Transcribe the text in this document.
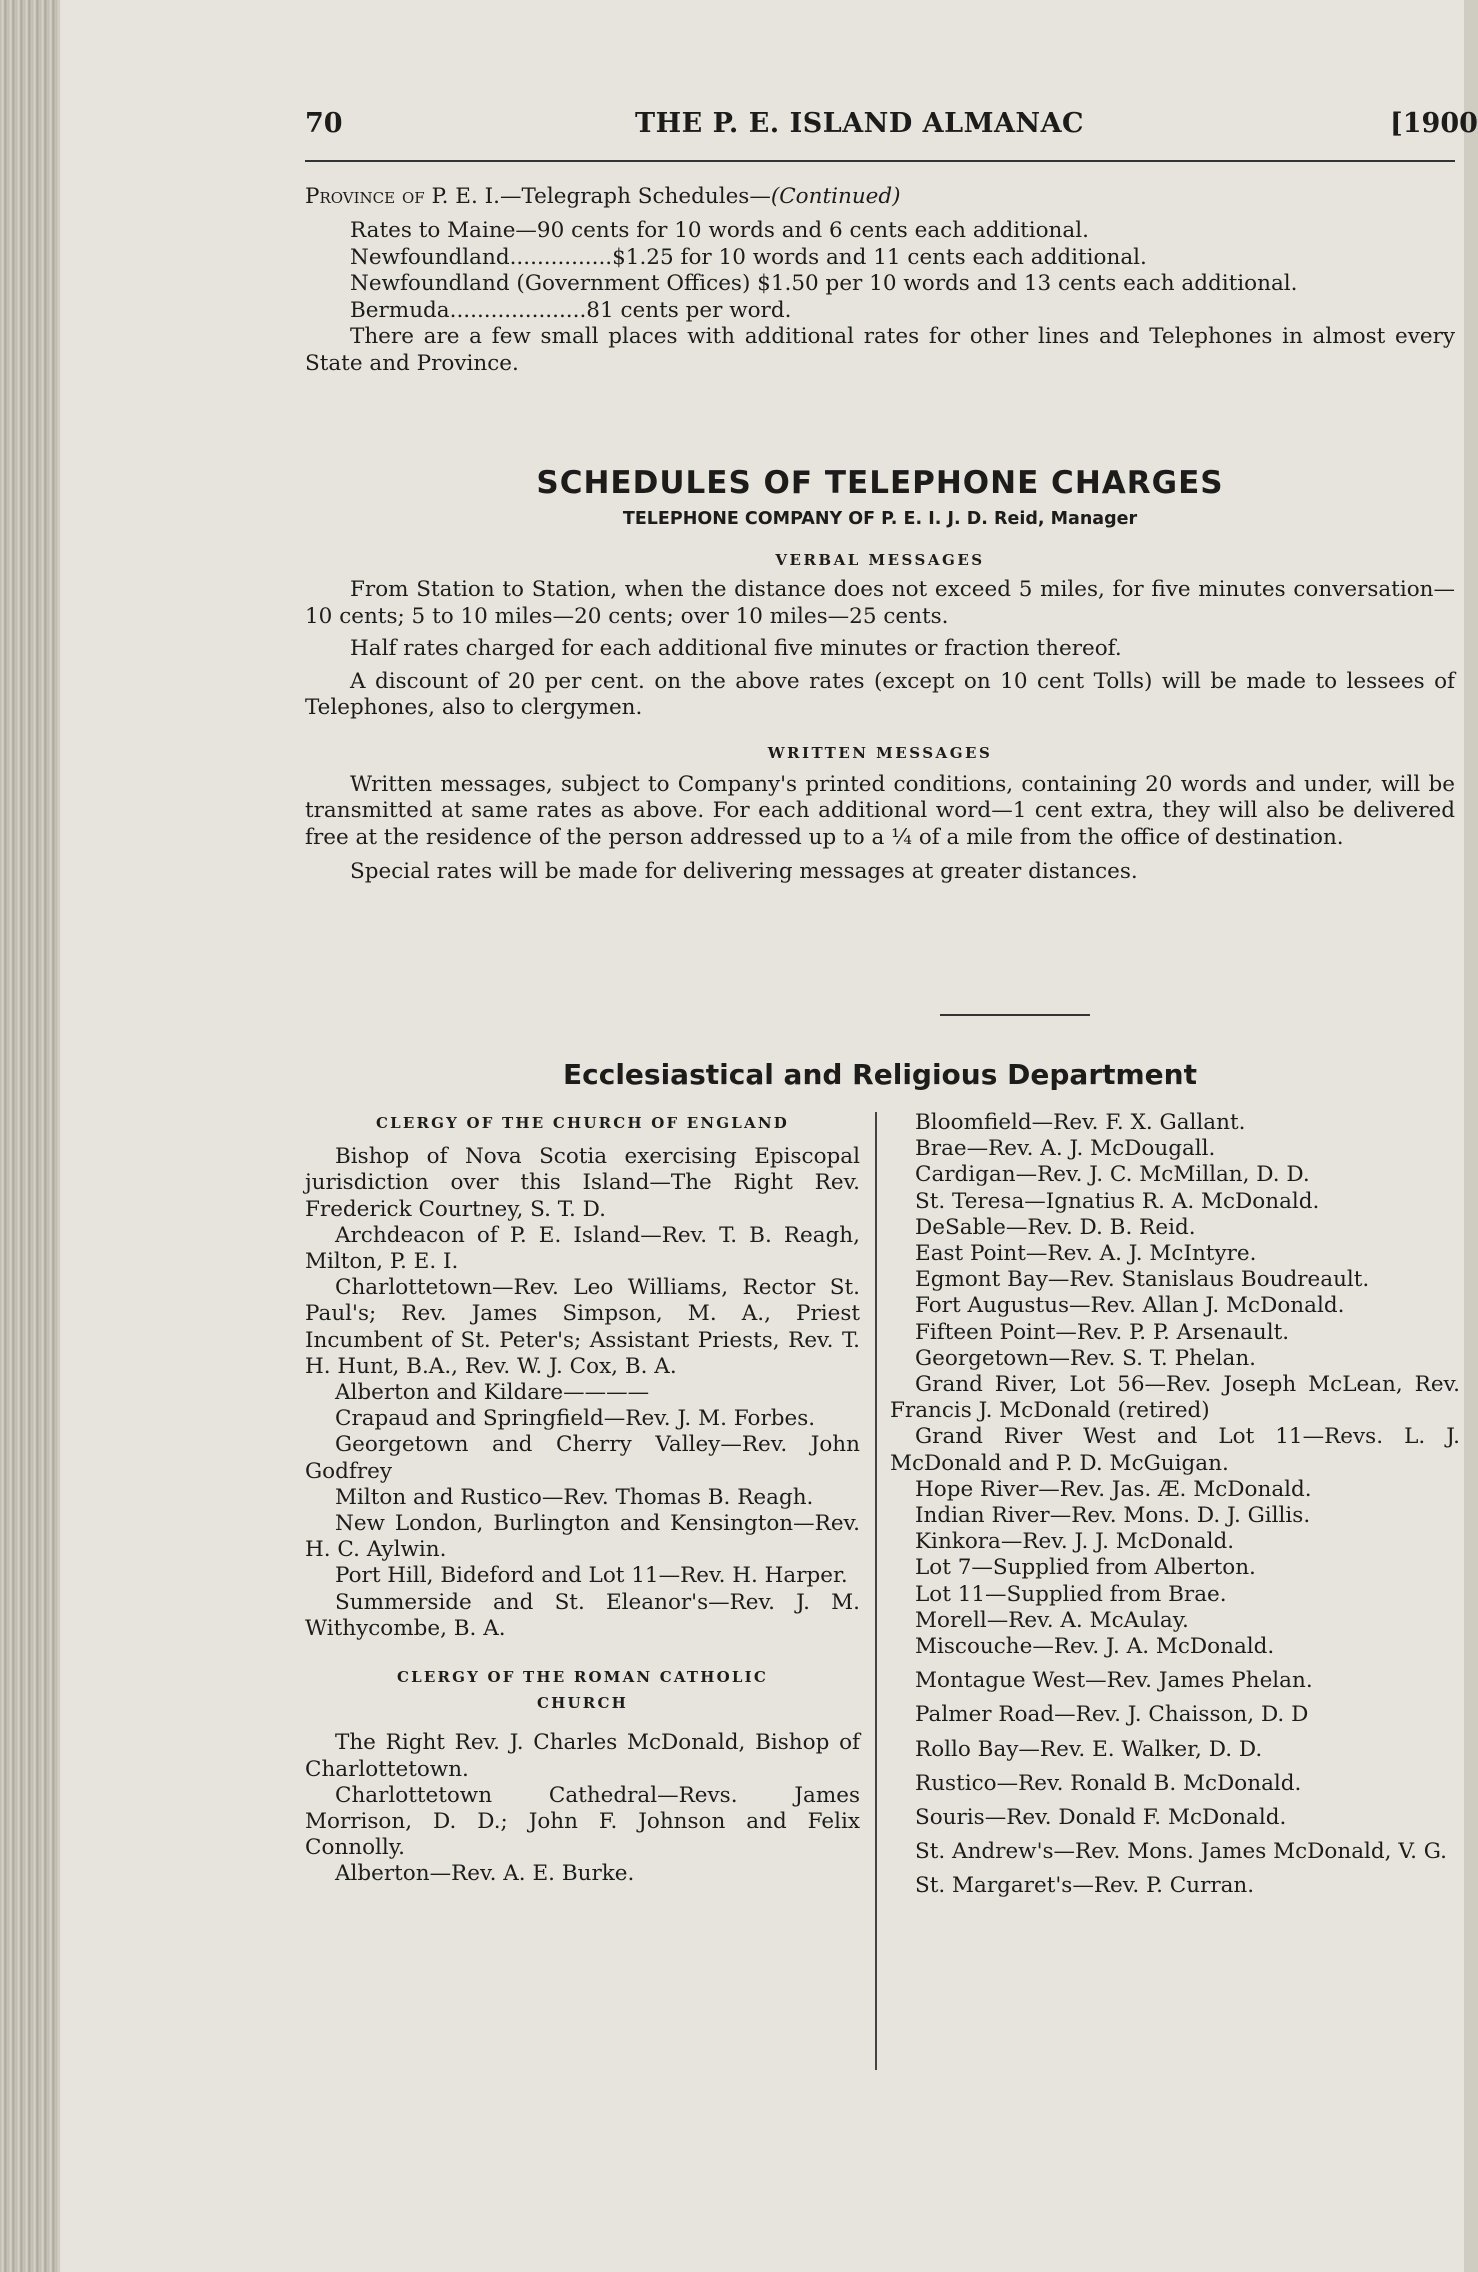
70	THE P. E. ISLAND ALMANAC	[1900

Province of P. E. I.—Telegraph Schedules—(Continued)

Rates to Maine—90 cents for 10 words and 6 cents each additional.

Newfoundland...............$1.25 for 10 words and 11 cents each additional.

Newfoundland (Government Offices) $1.50 per 10 words and 13 cents each additional.

Bermuda....................81 cents per word.

There are a few small places with additional rates for other lines and Telephones in almost every State and Province.

SCHEDULES OF TELEPHONE CHARGES
TELEPHONE COMPANY OF P. E. I. J. D. Reid, Manager
VERBAL MESSAGES

From Station to Station, when the distance does not exceed 5 miles, for five minutes conversation—10 cents; 5 to 10 miles—20 cents; over 10 miles—25 cents.

Half rates charged for each additional five minutes or fraction thereof.

A discount of 20 per cent. on the above rates (except on 10 cent Tolls) will be made to lessees of Telephones, also to clergymen.

WRITTEN MESSAGES

Written messages, subject to Company's printed conditions, containing 20 words and under, will be transmitted at same rates as above. For each additional word—1 cent extra, they will also be delivered free at the residence of the person addressed up to a ¼ of a mile from the office of destination.

Special rates will be made for delivering messages at greater distances.

Ecclesiastical and Religious Department
CLERGY OF THE CHURCH OF ENGLAND

Bishop of Nova Scotia exercising Episcopal jurisdiction over this Island—The Right Rev. Frederick Courtney, S. T. D.

Archdeacon of P. E. Island—Rev. T. B. Reagh, Milton, P. E. I.

Charlottetown—Rev. Leo Williams, Rector St. Paul's; Rev. James Simpson, M. A., Priest Incumbent of St. Peter's; Assistant Priests, Rev. T. H. Hunt, B.A., Rev. W. J. Cox, B. A.

Alberton and Kildare————

Crapaud and Springfield—Rev. J. M. Forbes.

Georgetown and Cherry Valley—Rev. John Godfrey

Milton and Rustico—Rev. Thomas B. Reagh.

New London, Burlington and Kensington—Rev. H. C. Aylwin.

Port Hill, Bideford and Lot 11—Rev. H. Harper.

Summerside and St. Eleanor's—Rev. J. M. Withycombe, B. A.

CLERGY OF THE ROMAN CATHOLIC
CHURCH

The Right Rev. J. Charles McDonald, Bishop of Charlottetown.

Charlottetown Cathedral—Revs. James Morrison, D. D.; John F. Johnson and Felix Connolly.

Alberton—Rev. A. E. Burke.

Bloomfield—Rev. F. X. Gallant.

Brae—Rev. A. J. McDougall.

Cardigan—Rev. J. C. McMillan, D. D.

St. Teresa—Ignatius R. A. McDonald.

DeSable—Rev. D. B. Reid.

East Point—Rev. A. J. McIntyre.

Egmont Bay—Rev. Stanislaus Boudreault.

Fort Augustus—Rev. Allan J. McDonald.

Fifteen Point—Rev. P. P. Arsenault.

Georgetown—Rev. S. T. Phelan.

Grand River, Lot 56—Rev. Joseph McLean, Rev. Francis J. McDonald (retired)

Grand River West and Lot 11—Revs. L. J. McDonald and P. D. McGuigan.

Hope River—Rev. Jas. Æ. McDonald.

Indian River—Rev. Mons. D. J. Gillis.

Kinkora—Rev. J. J. McDonald.

Lot 7—Supplied from Alberton.

Lot 11—Supplied from Brae.

Morell—Rev. A. McAulay.

Miscouche—Rev. J. A. McDonald.

Montague West—Rev. James Phelan.

Palmer Road—Rev. J. Chaisson, D. D

Rollo Bay—Rev. E. Walker, D. D.

Rustico—Rev. Ronald B. McDonald.

Souris—Rev. Donald F. McDonald.

St. Andrew's—Rev. Mons. James McDonald, V. G.

St. Margaret's—Rev. P. Curran.
